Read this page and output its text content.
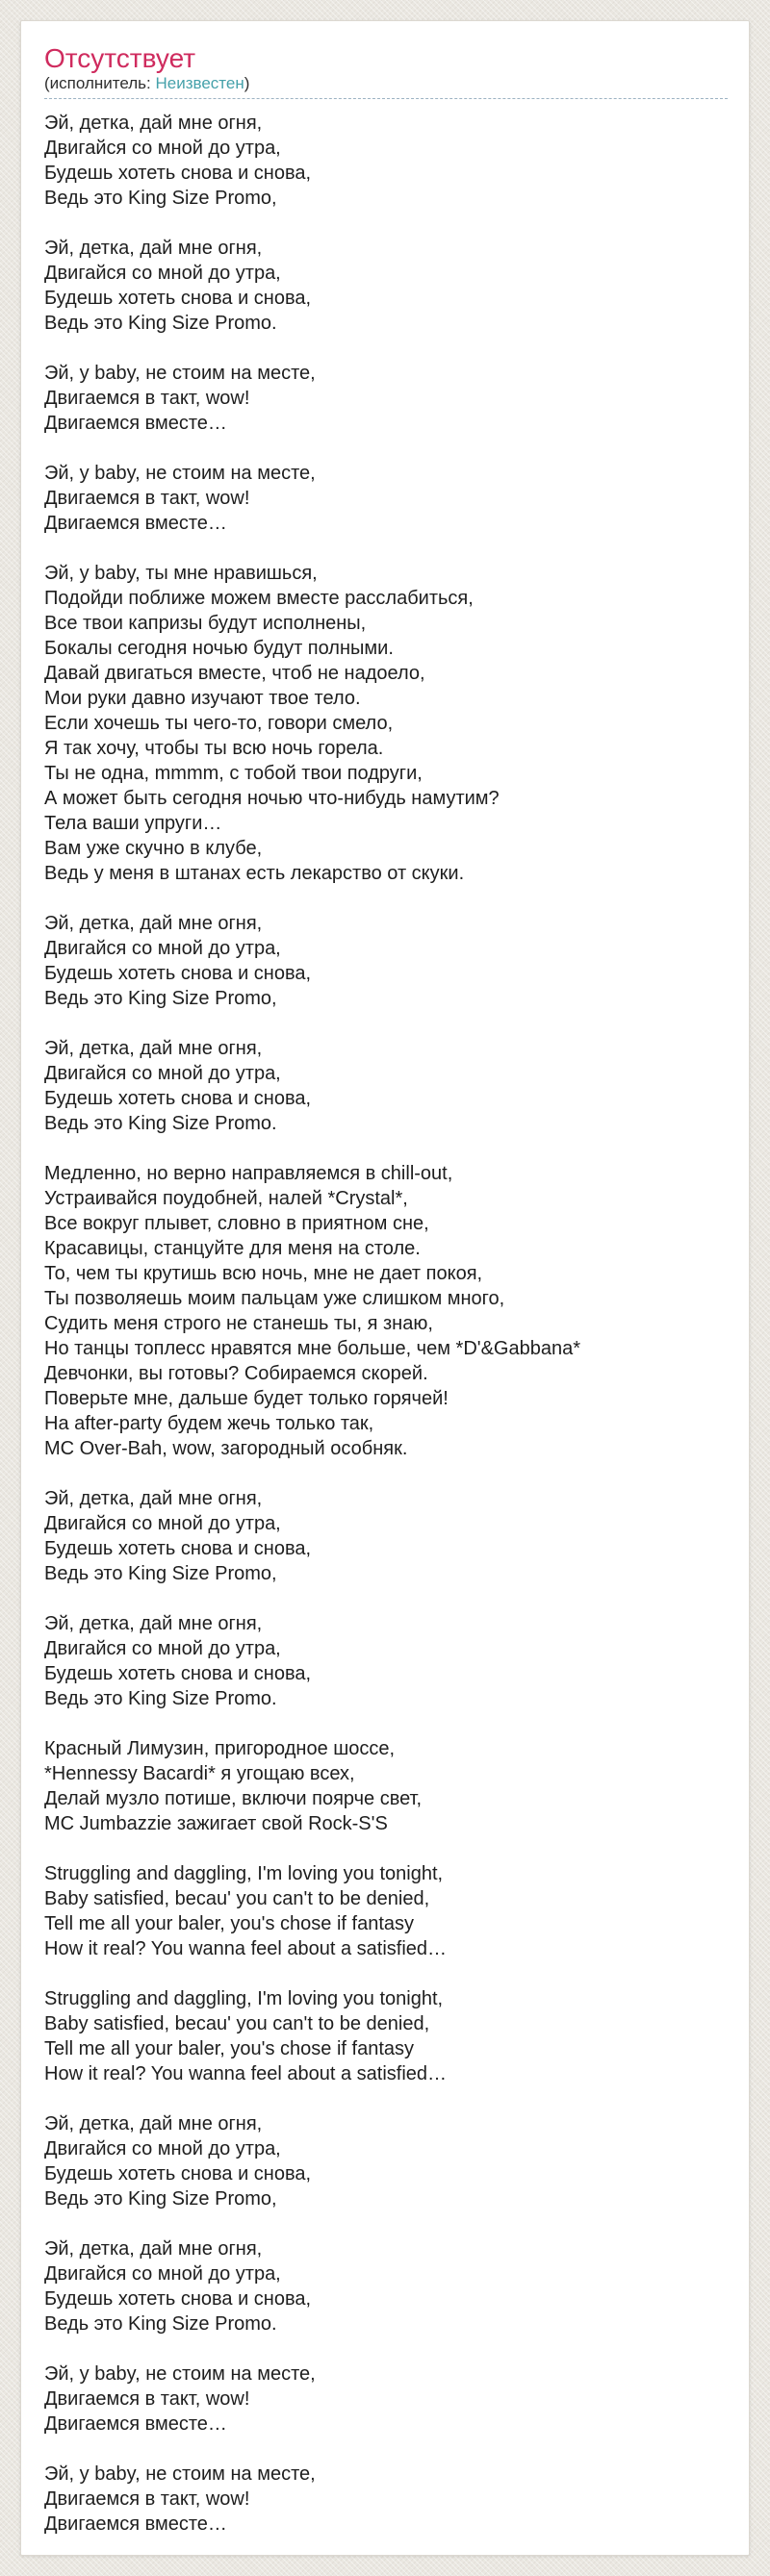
Отсутствует
(исполнитель: Неизвестен)

Эй, детка, дай мне огня,
Двигайся со мной до утра,
Будешь хотеть снова и снова,
Ведь это King Size Promo,

Эй, детка, дай мне огня,
Двигайся со мной до утра,
Будешь хотеть снова и снова,
Ведь это King Size Promo.

Эй, у baby, не стоим на месте,
Двигаемся в такт, wow!
Двигаемся вместе…

Эй, у baby, не стоим на месте,
Двигаемся в такт, wow!
Двигаемся вместе…

Эй, у baby, ты мне нравишься,
Подойди поближе можем вместе расслабиться,
Все твои капризы будут исполнены,
Бокалы сегодня ночью будут полными.
Давай двигаться вместе, чтоб не надоело,
Мои руки давно изучают твое тело.
Если хочешь ты чего-то, говори смело,
Я так хочу, чтобы ты всю ночь горела.
Ты не одна, mmmm, с тобой твои подруги,
А может быть сегодня ночью что-нибудь намутим?
Тела ваши упруги…
Вам уже скучно в клубе,
Ведь у меня в штанах есть лекарство от скуки.

Эй, детка, дай мне огня,
Двигайся со мной до утра,
Будешь хотеть снова и снова,
Ведь это King Size Promo,

Эй, детка, дай мне огня,
Двигайся со мной до утра,
Будешь хотеть снова и снова,
Ведь это King Size Promo.

Медленно, но верно направляемся в chill-out,
Устраивайся поудобней, налей *Crystal*,
Все вокруг плывет, словно в приятном сне,
Красавицы, станцуйте для меня на столе.
То, чем ты крутишь всю ночь, мне не дает покоя,
Ты позволяешь моим пальцам уже слишком много,
Судить меня строго не станешь ты, я знаю,
Но танцы топлесс нравятся мне больше, чем *D'&Gabbana*
Девчонки, вы готовы? Собираемся скорей.
Поверьте мне, дальше будет только горячей!
На after-party будем жечь только так,
MC Over-Bah, wow, загородный особняк.

Эй, детка, дай мне огня,
Двигайся со мной до утра,
Будешь хотеть снова и снова,
Ведь это King Size Promo,

Эй, детка, дай мне огня,
Двигайся со мной до утра,
Будешь хотеть снова и снова,
Ведь это King Size Promo.

Красный Лимузин, пригородное шоссе,
*Hennessy Bacardi* я угощаю всех,
Делай музло потише, включи поярче свет,
MC Jumbazzie зажигает свой Rock-S'S

Struggling and daggling, I'm loving you tonight,
Baby satisfied, becau' you can't to be denied,
Tell me all your baler, you's chose if fantasy
How it real? You wanna feel about a satisfied…

Struggling and daggling, I'm loving you tonight,
Baby satisfied, becau' you can't to be denied,
Tell me all your baler, you's chose if fantasy
How it real? You wanna feel about a satisfied…

Эй, детка, дай мне огня,
Двигайся со мной до утра,
Будешь хотеть снова и снова,
Ведь это King Size Promo,

Эй, детка, дай мне огня,
Двигайся со мной до утра,
Будешь хотеть снова и снова,
Ведь это King Size Promo.

Эй, у baby, не стоим на месте,
Двигаемся в такт, wow!
Двигаемся вместе…

Эй, у baby, не стоим на месте,
Двигаемся в такт, wow!
Двигаемся вместе…
